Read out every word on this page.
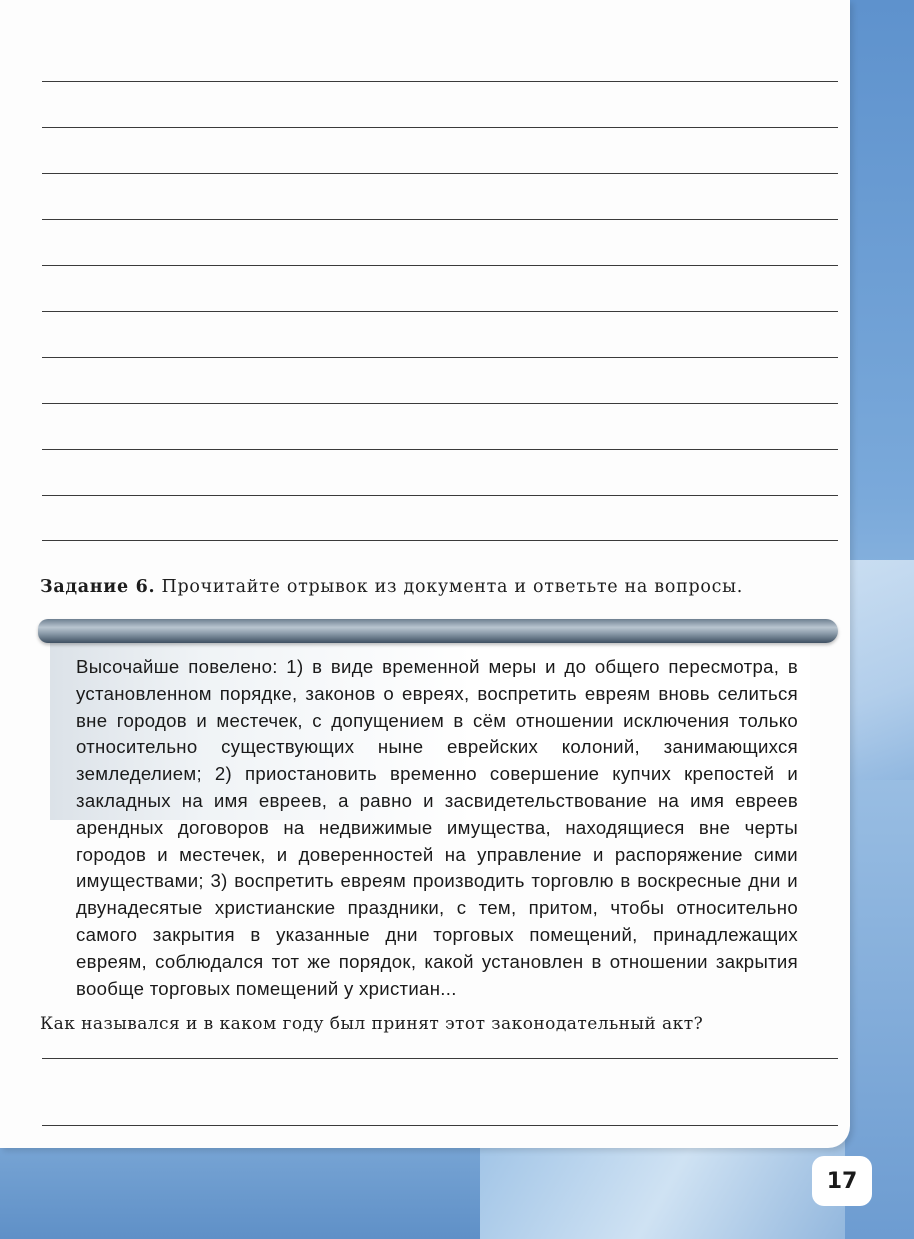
Задание 6. Прочитайте отрывок из документа и ответьте на вопросы.
Высочайше повелено: 1) в виде временной меры и до общего пересмотра, в установленном порядке, законов о евреях, воспретить евреям вновь селиться вне городов и местечек, с допущением в сём отношении исключения только относительно существующих ныне еврейских колоний, занимающихся земледелием; 2) приостановить временно совершение купчих крепостей и закладных на имя евреев, а равно и засвидетельствование на имя евреев арендных договоров на недвижимые имущества, находящиеся вне черты городов и местечек, и доверенностей на управление и распоряжение сими имуществами; 3) воспретить евреям производить торговлю в воскресные дни и двунадесятые христианские праздники, с тем, притом, чтобы относительно самого закрытия в указанные дни торговых помещений, принадлежащих евреям, соблюдался тот же порядок, какой установлен в отношении закрытия вообще торговых помещений у христиан...
Как назывался и в каком году был принят этот законодательный акт?
17
